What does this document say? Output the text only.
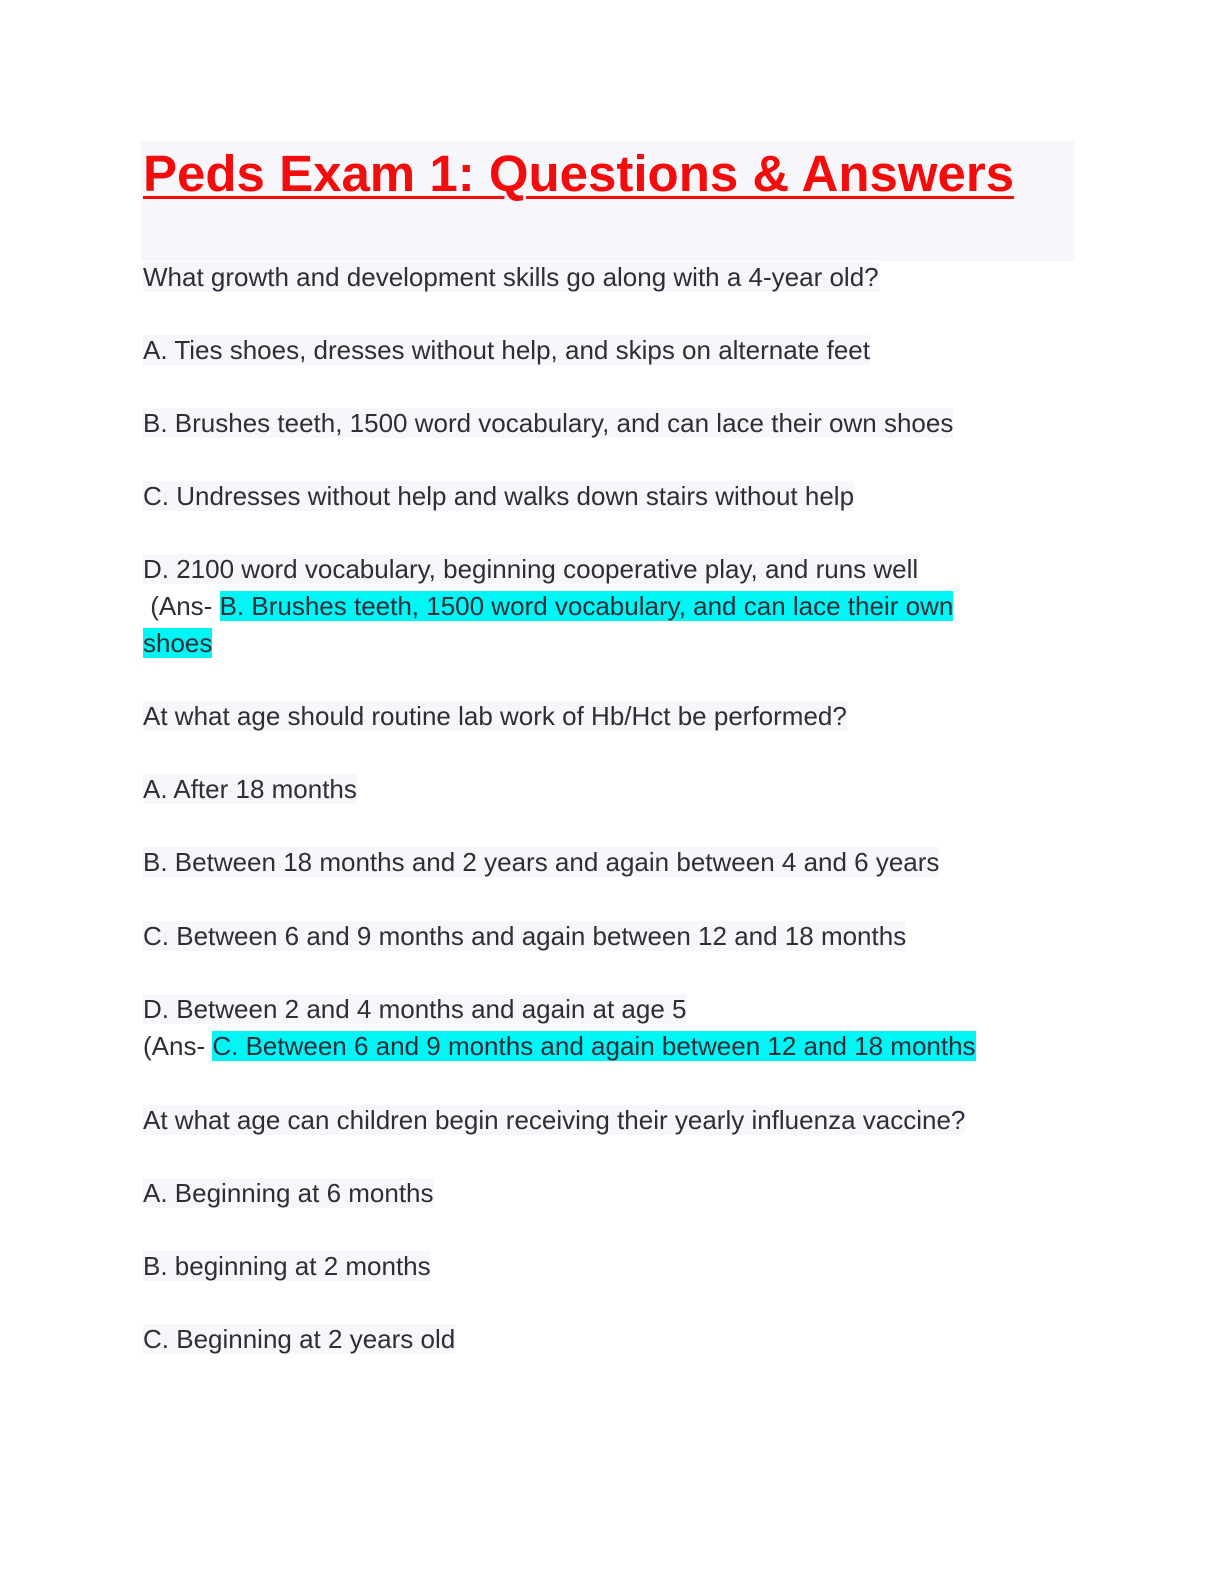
Peds Exam 1: Questions & Answers
What growth and development skills go along with a 4-year old?
A. Ties shoes, dresses without help, and skips on alternate feet
B. Brushes teeth, 1500 word vocabulary, and can lace their own shoes
C. Undresses without help and walks down stairs without help
D. 2100 word vocabulary, beginning cooperative play, and runs well
(Ans- B. Brushes teeth, 1500 word vocabulary, and can lace their own
shoes
At what age should routine lab work of Hb/Hct be performed?
A. After 18 months
B. Between 18 months and 2 years and again between 4 and 6 years
C. Between 6 and 9 months and again between 12 and 18 months
D. Between 2 and 4 months and again at age 5
(Ans- C. Between 6 and 9 months and again between 12 and 18 months
At what age can children begin receiving their yearly influenza vaccine?
A. Beginning at 6 months
B. beginning at 2 months
C. Beginning at 2 years old
